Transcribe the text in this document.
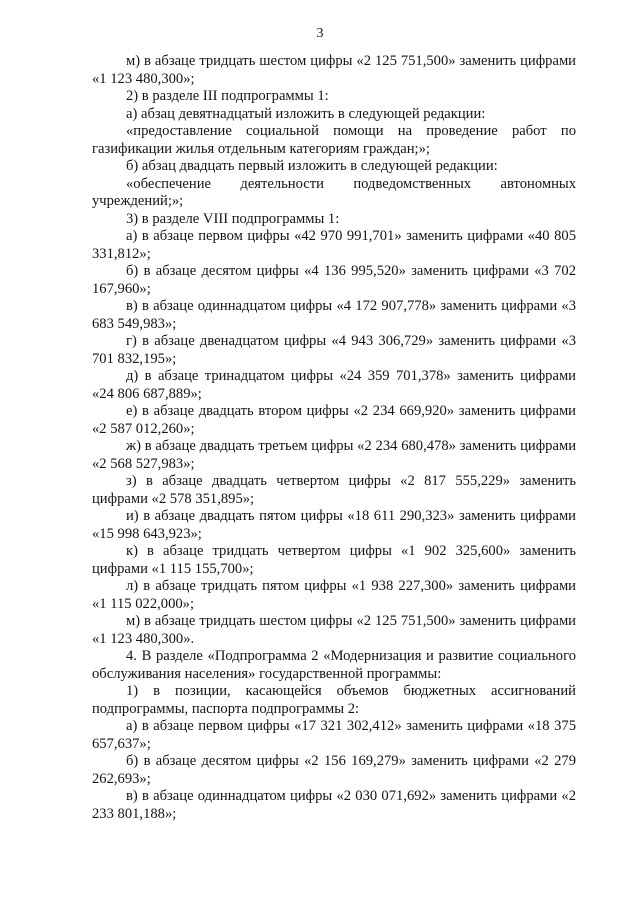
3

м) в абзаце тридцать шестом цифры «2 125 751,500» заменить цифрами «1 123 480,300»;

2) в разделе III подпрограммы 1:

а) абзац девятнадцатый изложить в следующей редакции:

«предоставление социальной помощи на проведение работ по газификации жилья отдельным категориям граждан;»;

б) абзац двадцать первый изложить в следующей редакции:

«обеспечение деятельности подведомственных автономных учреждений;»;

3) в разделе VIII подпрограммы 1:

а) в абзаце первом цифры «42 970 991,701» заменить цифрами «40 805 331,812»;

б) в абзаце десятом цифры «4 136 995,520» заменить цифрами «3 702 167,960»;

в) в абзаце одиннадцатом цифры «4 172 907,778» заменить цифрами «3 683 549,983»;

г) в абзаце двенадцатом цифры «4 943 306,729» заменить цифрами «3 701 832,195»;

д) в абзаце тринадцатом цифры «24 359 701,378» заменить цифрами «24 806 687,889»;

е) в абзаце двадцать втором цифры «2 234 669,920» заменить цифрами «2 587 012,260»;

ж) в абзаце двадцать третьем цифры «2 234 680,478» заменить цифрами «2 568 527,983»;

з) в абзаце двадцать четвертом цифры «2 817 555,229» заменить цифрами «2 578 351,895»;

и) в абзаце двадцать пятом цифры «18 611 290,323» заменить цифрами «15 998 643,923»;

к) в абзаце тридцать четвертом цифры «1 902 325,600» заменить цифрами «1 115 155,700»;

л) в абзаце тридцать пятом цифры «1 938 227,300» заменить цифрами «1 115 022,000»;

м) в абзаце тридцать шестом цифры «2 125 751,500» заменить цифрами «1 123 480,300».

4. В разделе «Подпрограмма 2 «Модернизация и развитие социального обслуживания населения» государственной программы:

1) в позиции, касающейся объемов бюджетных ассигнований подпрограммы, паспорта подпрограммы 2:

а) в абзаце первом цифры «17 321 302,412» заменить цифрами «18 375 657,637»;

б) в абзаце десятом цифры «2 156 169,279» заменить цифрами «2 279 262,693»;

в) в абзаце одиннадцатом цифры «2 030 071,692» заменить цифрами «2 233 801,188»;
